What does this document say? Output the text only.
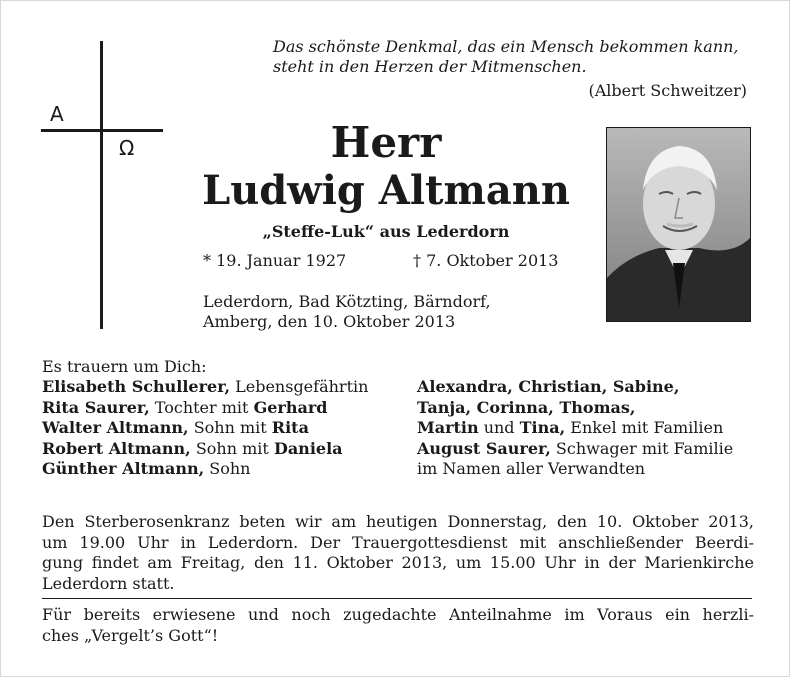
Das schönste Denkmal, das ein Mensch bekommen kann,
steht in den Herzen der Mitmenschen.
(Albert Schweitzer)
A
Ω	Herr
Ludwig Altmann
„Steffe-Luk“ aus Lederdorn
* 19. Januar 1927	† 7. Oktober 2013
Lederdorn, Bad Kötzting, Bärndorf,
Amberg, den 10. Oktober 2013
Es trauern um Dich:
Elisabeth Schullerer, Lebensgefährtin
Rita Saurer, Tochter mit Gerhard
Walter Altmann, Sohn mit Rita
Robert Altmann, Sohn mit Daniela
Günther Altmann, Sohn
Alexandra, Christian, Sabine,
Tanja, Corinna, Thomas,
Martin und Tina, Enkel mit Familien
August Saurer, Schwager mit Familie
im Namen aller Verwandten
Den Sterberosenkranz beten wir am heutigen Donnerstag, den 10. Oktober 2013,
um 19.00 Uhr in Lederdorn. Der Trauergottesdienst mit anschließender Beerdi-
gung findet am Freitag, den 11. Oktober 2013, um 15.00 Uhr in der Marienkirche
Lederdorn statt.
Für bereits erwiesene und noch zugedachte Anteilnahme im Voraus ein herzli-
ches „Vergelt’s Gott“!
